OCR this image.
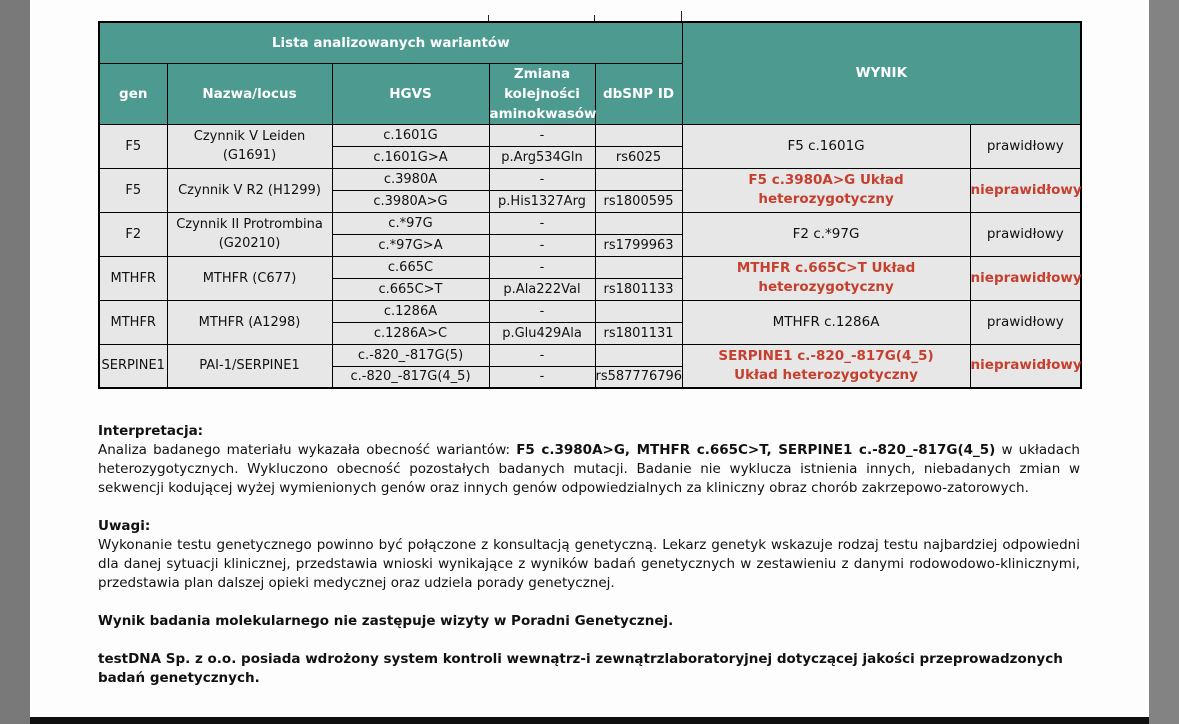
Lista analizowanych wariantów					WYNIK	
gen	Nazwa/locus	HGVS	Zmiana kolejności aminokwasów	dbSNP ID		
F5	Czynnik V Leiden (G1691)	c.1601G	-		F5 c.1601G	prawidłowy
		c.1601G>A	p.Arg534Gln	rs6025		
F5	Czynnik V R2 (H1299)	c.3980A	-		F5 c.3980A>G Układ heterozygotyczny	nieprawidłowy
		c.3980A>G	p.His1327Arg	rs1800595		
F2	Czynnik II Protrombina (G20210)	c.*97G	-		F2 c.*97G	prawidłowy
		c.*97G>A	-	rs1799963		
MTHFR	MTHFR (C677)	c.665C	-		MTHFR c.665C>T Układ heterozygotyczny	nieprawidłowy
		c.665C>T	p.Ala222Val	rs1801133		
MTHFR	MTHFR (A1298)	c.1286A	-		MTHFR c.1286A	prawidłowy
		c.1286A>C	p.Glu429Ala	rs1801131		
SERPINE1	PAI-1/SERPINE1	c.-820_-817G(5)	-		SERPINE1 c.-820_-817G(4_5) Układ heterozygotyczny	nieprawidłowy
		c.-820_-817G(4_5)	-	rs587776796		

Interpretacja:
Analiza badanego materiału wykazała obecność wariantów: F5 c.3980A>G, MTHFR c.665C>T, SERPINE1 c.-820_-817G(4_5) w układach heterozygotycznych. Wykluczono obecność pozostałych badanych mutacji. Badanie nie wyklucza istnienia innych, niebadanych zmian w sekwencji kodującej wyżej wymienionych genów oraz innych genów odpowiedzialnych za kliniczny obraz chorób zakrzepowo-zatorowych.

Uwagi:
Wykonanie testu genetycznego powinno być połączone z konsultacją genetyczną. Lekarz genetyk wskazuje rodzaj testu najbardziej odpowiedni dla danej sytuacji klinicznej, przedstawia wnioski wynikające z wyników badań genetycznych w zestawieniu z danymi rodowodowo-klinicznymi, przedstawia plan dalszej opieki medycznej oraz udziela porady genetycznej.

Wynik badania molekularnego nie zastępuje wizyty w Poradni Genetycznej.

testDNA Sp. z o.o. posiada wdrożony system kontroli wewnątrz-i zewnątrzlaboratoryjnej dotyczącej jakości przeprowadzonych badań genetycznych.
